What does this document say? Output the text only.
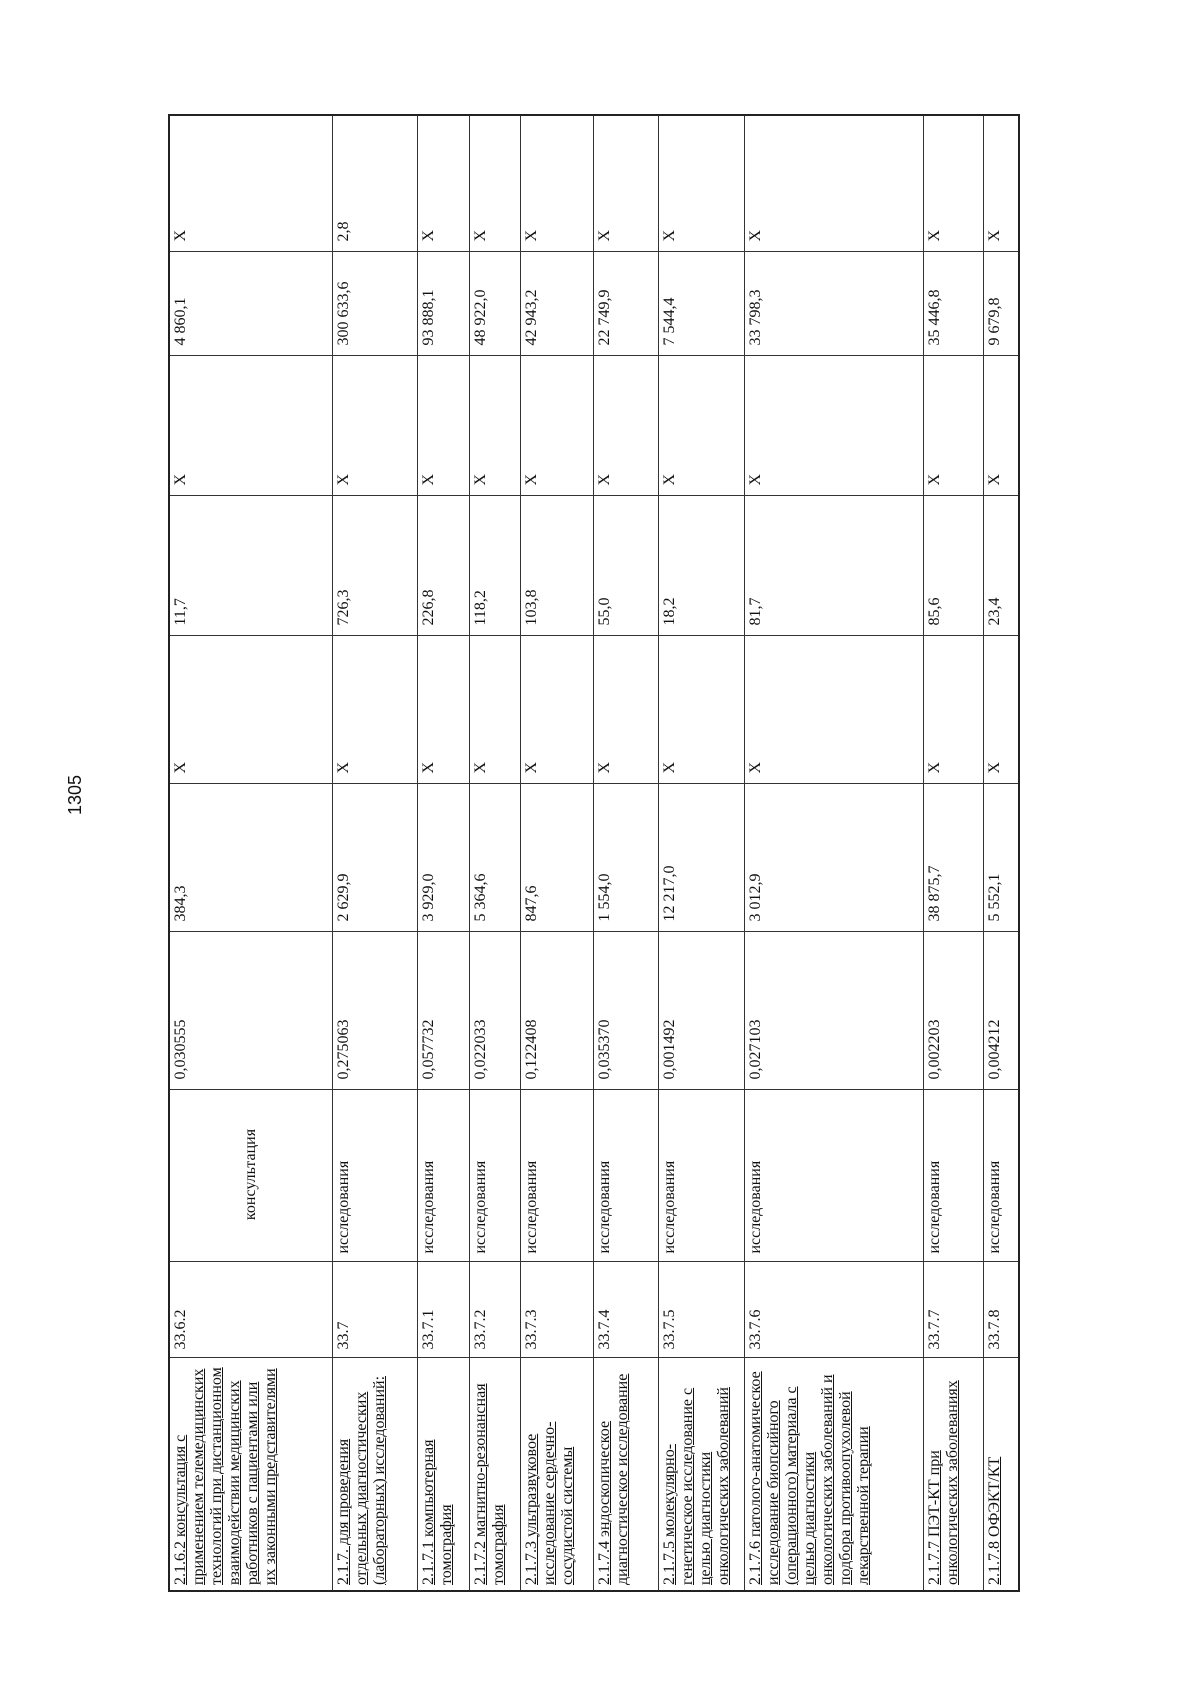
1305
2.1.6.2 консультация с применением телемедицинских технологий при дистанционном взаимодействии медицинских работников с пациентами или их законными представителями	33.6.2	консультация	0,030555	384,3	Х	11,7	Х	4 860,1	Х
2.1.7. для проведения отдельных диагностических (лабораторных) исследований:	33.7	исследования	0,275063	2 629,9	Х	726,3	Х	300 633,6	2,8
2.1.7.1 компьютерная томография	33.7.1	исследования	0,057732	3 929,0	Х	226,8	Х	93 888,1	Х
2.1.7.2 магнитно-резонансная томография	33.7.2	исследования	0,022033	5 364,6	Х	118,2	Х	48 922,0	Х
2.1.7.3 ультразвуковое исследование сердечно-сосудистой системы	33.7.3	исследования	0,122408	847,6	Х	103,8	Х	42 943,2	Х
2.1.7.4 эндоскопическое диагностическое исследование	33.7.4	исследования	0,035370	1 554,0	Х	55,0	Х	22 749,9	Х
2.1.7.5 молекулярно-генетическое исследование с целью диагностики онкологических заболеваний	33.7.5	исследования	0,001492	12 217,0	Х	18,2	Х	7 544,4	Х
2.1.7.6 патолого-анатомическое исследование биопсийного (операционного) материала с целью диагностики онкологических заболеваний и подбора противоопухолевой лекарственной терапии	33.7.6	исследования	0,027103	3 012,9	Х	81,7	Х	33 798,3	Х
2.1.7.7 ПЭТ-КТ при онкологических заболеваниях	33.7.7	исследования	0,002203	38 875,7	Х	85,6	Х	35 446,8	Х
2.1.7.8 ОФЭКТ/КТ	33.7.8	исследования	0,004212	5 552,1	Х	23,4	Х	9 679,8	Х
